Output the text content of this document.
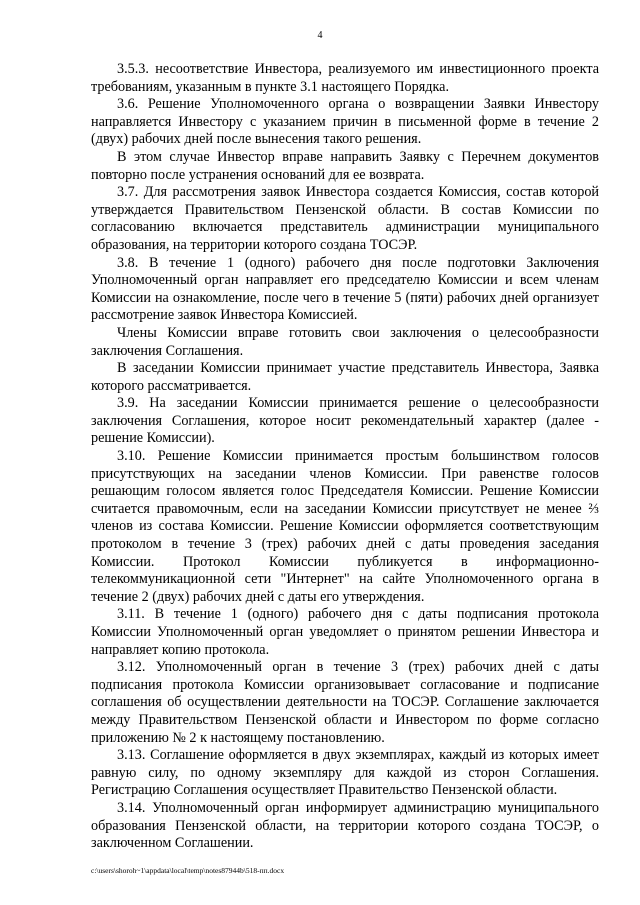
4

3.5.3. несоответствие Инвестора, реализуемого им инвестиционного проекта требованиям, указанным в пункте 3.1 настоящего Порядка.

3.6. Решение Уполномоченного органа о возвращении Заявки Инвестору направляется Инвестору с указанием причин в письменной форме в течение 2 (двух) рабочих дней после вынесения такого решения.

В этом случае Инвестор вправе направить Заявку с Перечнем документов повторно после устранения оснований для ее возврата.

3.7. Для рассмотрения заявок Инвестора создается Комиссия, состав которой утверждается Правительством Пензенской области. В состав Комиссии по согласованию включается представитель администрации муниципального образования, на территории которого создана ТОСЭР.

3.8. В течение 1 (одного) рабочего дня после подготовки Заключения Уполномоченный орган направляет его председателю Комиссии и всем членам Комиссии на ознакомление, после чего в течение 5 (пяти) рабочих дней организует рассмотрение заявок Инвестора Комиссией.

Члены Комиссии вправе готовить свои заключения о целесообразности заключения Соглашения.

В заседании Комиссии принимает участие представитель Инвестора, Заявка которого рассматривается.

3.9. На заседании Комиссии принимается решение о целесообразности заключения Соглашения, которое носит рекомендательный характер (далее - решение Комиссии).

3.10. Решение Комиссии принимается простым большинством голосов присутствующих на заседании членов Комиссии. При равенстве голосов решающим голосом является голос Председателя Комиссии. Решение Комиссии считается правомочным, если на заседании Комиссии присутствует не менее ⅔ членов из состава Комиссии. Решение Комиссии оформляется соответствующим протоколом в течение 3 (трех) рабочих дней с даты проведения заседания Комиссии. Протокол Комиссии публикуется в информационно-телекоммуникационной сети "Интернет" на сайте Уполномоченного органа в течение 2 (двух) рабочих дней с даты его утверждения.

3.11. В течение 1 (одного) рабочего дня с даты подписания протокола Комиссии Уполномоченный орган уведомляет о принятом решении Инвестора и направляет копию протокола.

3.12. Уполномоченный орган в течение 3 (трех) рабочих дней с даты подписания протокола Комиссии организовывает согласование и подписание соглашения об осуществлении деятельности на ТОСЭР. Соглашение заключается между Правительством Пензенской области и Инвестором по форме согласно приложению № 2 к настоящему постановлению.

3.13. Соглашение оформляется в двух экземплярах, каждый из которых имеет равную силу, по одному экземпляру для каждой из сторон Соглашения. Регистрацию Соглашения осуществляет Правительство Пензенской области.

3.14. Уполномоченный орган информирует администрацию муниципального образования Пензенской области, на территории которого создана ТОСЭР, о заключенном Соглашении.

c:\users\shoroh~1\appdata\local\temp\notes87944b\518-пп.docx
